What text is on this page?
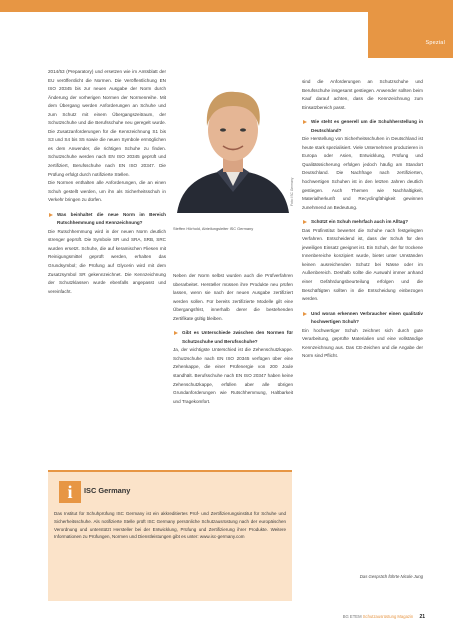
Spezial

2014/53 (Preparatory) und ersetzen wie im Amtsblatt der EU veröffentlicht die Normen. Die Veröffentlichung EN ISO 20345 bis zur neuen Ausgabe der Norm durch Änderung der vorherigen Normen der Normenreihe. Mit dem Übergang werden Anforderungen an Schuhe und zum Schutz mit einem Übergangszeitraum, der Schutzschuhe und die Berufsschuhe neu geregelt wurde. Die Zusatzanforderungen für die Kennzeichnung S1 bis S3 und S4 bis S5 sowie die neuen Symbole ermöglichen es dem Anwender, die richtigen Schuhe zu finden. Schutzschuhe werden nach EN ISO 20345 geprüft und zertifiziert, Berufsschuhe nach EN ISO 20347. Die Prüfung erfolgt durch notifizierte Stellen.

Die Normen enthalten alle Anforderungen, die an einen Schuh gestellt werden, um ihn als Sicherheitsschuh in Verkehr bringen zu dürfen.

Was beinhaltet die neue Norm im Bereich Rutschhemmung und Kennzeichnung?

Die Rutschhemmung wird in der neuen Norm deutlich strenger geprüft. Die Symbole SR und SRA, SRB, SRC wurden ersetzt. Schuhe, die auf keramischen Fliesen mit Reinigungsmittel geprüft werden, erhalten das Grundsymbol; die Prüfung auf Glycerin wird mit dem Zusatzsymbol SR gekennzeichnet. Die Kennzeichnung der Schutzklassen wurde ebenfalls angepasst und vereinfacht.

Foto: ISC Germany
Steffen Hörhold, Abteilungsleiter ISC Germany

Neben der Norm selbst wurden auch die Prüfverfahren überarbeitet. Hersteller müssen ihre Produkte neu prüfen lassen, wenn sie nach der neuen Ausgabe zertifiziert werden sollen. Für bereits zertifizierte Modelle gilt eine Übergangsfrist, innerhalb derer die bestehenden Zertifikate gültig bleiben.

Gibt es Unterschiede zwischen den Normen für Schutzschuhe und Berufsschuhe?

Ja, der wichtigste Unterschied ist die Zehenschutzkappe. Schutzschuhe nach EN ISO 20345 verfügen über eine Zehenkappe, die einer Prüfenergie von 200 Joule standhält. Berufsschuhe nach EN ISO 20347 haben keine Zehenschutzkappe, erfüllen aber alle übrigen Grundanforderungen wie Rutschhemmung, Haltbarkeit und Tragekomfort.

sind die Anforderungen an Schutzschuhe und Berufsschuhe insgesamt gestiegen. Anwender sollten beim Kauf darauf achten, dass die Kennzeichnung zum Einsatzbereich passt.

Wie steht es generell um die Schuhherstellung in Deutschland?

Die Herstellung von Sicherheitsschuhen in Deutschland ist heute stark spezialisiert. Viele Unternehmen produzieren in Europa oder Asien, Entwicklung, Prüfung und Qualitätssicherung erfolgen jedoch häufig am Standort Deutschland. Die Nachfrage nach zertifizierten, hochwertigen Schuhen ist in den letzten Jahren deutlich gestiegen. Auch Themen wie Nachhaltigkeit, Materialherkunft und Recyclingfähigkeit gewinnen zunehmend an Bedeutung.

Schützt ein Schuh mehrfach auch im Alltag?

Das Prüfinstitut bewertet die Schuhe nach festgelegten Verfahren. Entscheidend ist, dass der Schuh für den jeweiligen Einsatz geeignet ist. Ein Schuh, der für trockene Innenbereiche konzipiert wurde, bietet unter Umständen keinen ausreichenden Schutz bei Nässe oder im Außenbereich. Deshalb sollte die Auswahl immer anhand einer Gefährdungsbeurteilung erfolgen und die Beschäftigten sollten in die Entscheidung einbezogen werden.

Und woran erkennen Verbraucher einen qualitativ hochwertigen Schuh?

Ein hochwertiger Schuh zeichnet sich durch gute Verarbeitung, geprüfte Materialien und eine vollständige Kennzeichnung aus. Das CE-Zeichen und die Angabe der Norm sind Pflicht.

Das Gespräch führte Nicole Jung
i	ISC Germany
Das Institut für Schuhprüfung ISC Germany ist ein akkreditiertes Prüf- und Zertifizierungsinstitut für Schuhe und Sicherheitsschuhe. Als notifizierte Stelle prüft ISC Germany persönliche Schutzausrüstung nach der europäischen Verordnung und unterstützt Hersteller bei der Entwicklung, Prüfung und Zertifizierung ihrer Produkte. Weitere Informationen zu Prüfungen, Normen und Dienstleistungen gibt es unter: www.isc-germany.com
BG ETEM Schutzausrüstung Magazin 21
